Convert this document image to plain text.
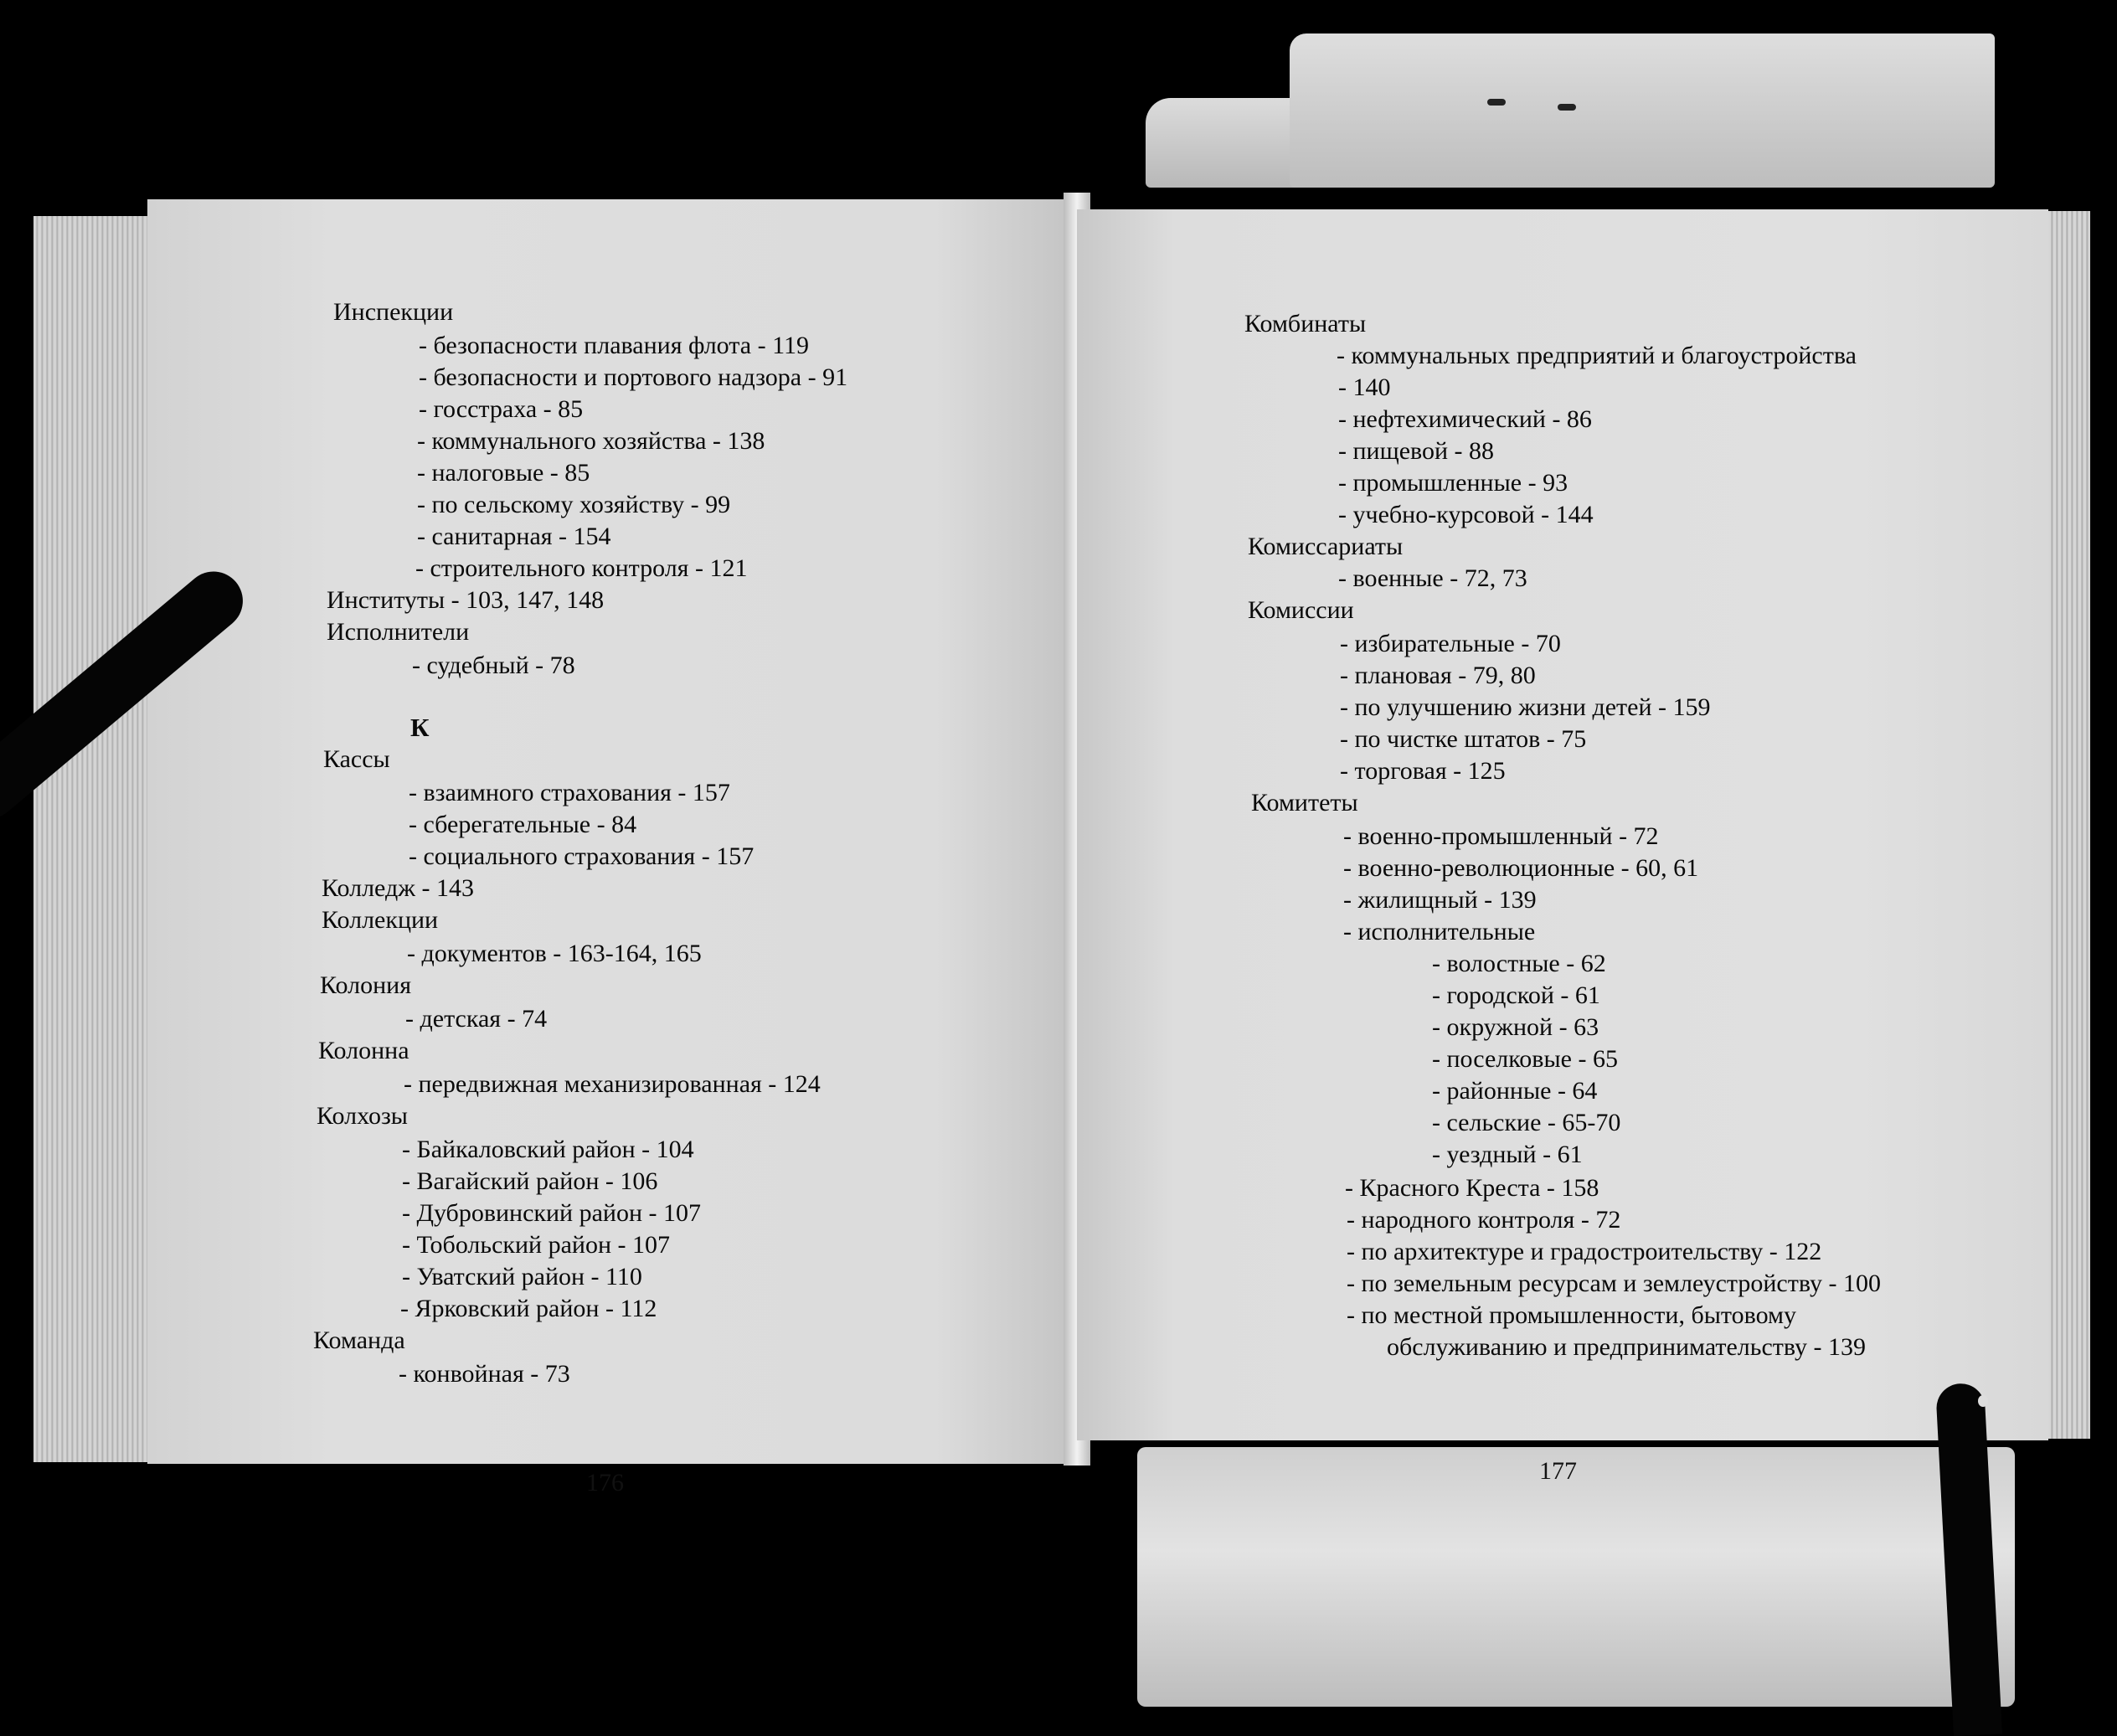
Инспекции
- безопасности плавания флота - 119
- безопасности и портового надзора - 91
- госстраха - 85
- коммунального хозяйства - 138
- налоговые - 85
- по сельскому хозяйству - 99
- санитарная - 154
- строительного контроля - 121
Институты - 103, 147, 148
Исполнители
- судебный - 78
К
Кассы
- взаимного страхования - 157
- сберегательные - 84
- социального страхования - 157
Колледж - 143
Коллекции
- документов - 163-164, 165
Колония
- детская - 74
Колонна
- передвижная механизированная - 124
Колхозы
- Байкаловский район - 104
- Вагайский район - 106
- Дубровинский район - 107
- Тобольский район - 107
- Уватский район - 110
- Ярковский район - 112
Команда
- конвойная - 73
176
Комбинаты
- коммунальных предприятий и благоустройства
- 140
- нефтехимический - 86
- пищевой - 88
- промышленные - 93
- учебно-курсовой - 144
Комиссариаты
- военные - 72, 73
Комиссии
- избирательные - 70
- плановая - 79, 80
- по улучшению жизни детей - 159
- по чистке штатов - 75
- торговая - 125
Комитеты
- военно-промышленный - 72
- военно-революционные - 60, 61
- жилищный - 139
- исполнительные
- волостные - 62
- городской - 61
- окружной - 63
- поселковые - 65
- районные - 64
- сельские - 65-70
- уездный - 61
- Красного Креста - 158
- народного контроля - 72
- по архитектуре и градостроительству - 122
- по земельным ресурсам и землеустройству - 100
- по местной промышленности, бытовому
обслуживанию и предпринимательству - 139
177
